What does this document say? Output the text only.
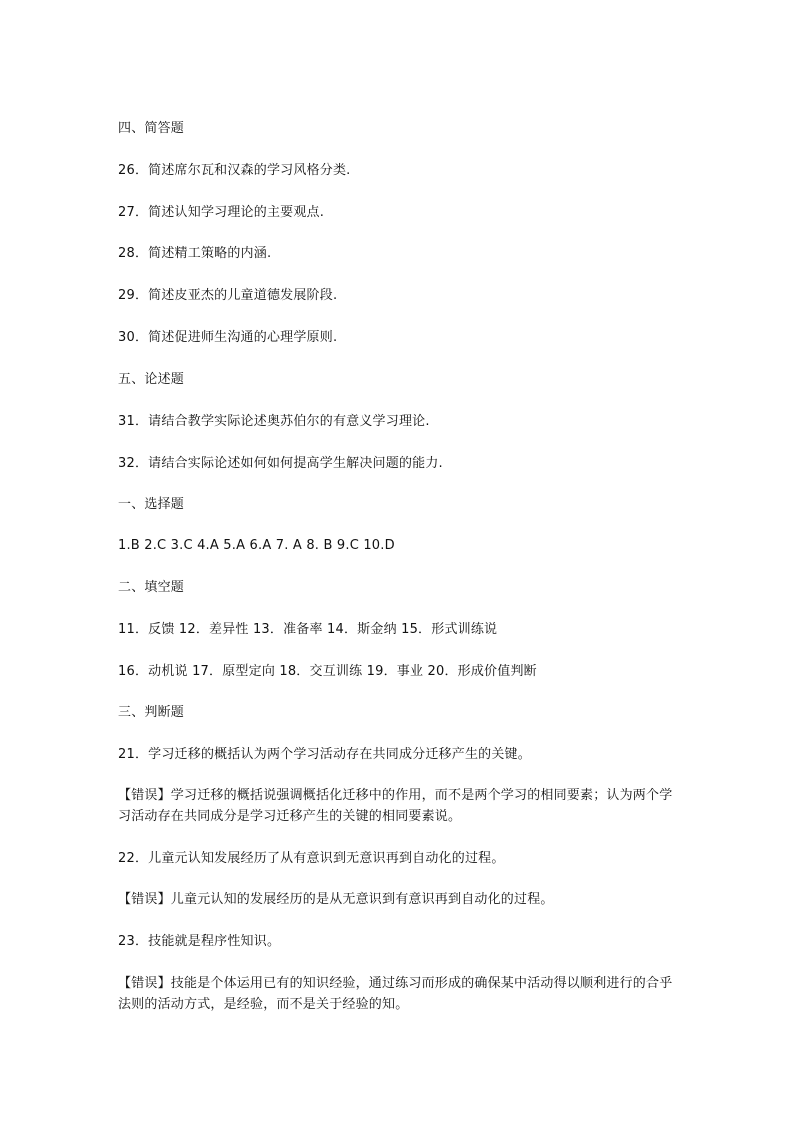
四、简答题
26．简述席尔瓦和汉森的学习风格分类.
27．简述认知学习理论的主要观点.
28．简述精工策略的内涵.
29．简述皮亚杰的儿童道德发展阶段.
30．简述促进师生沟通的心理学原则.
五、论述题
31．请结合教学实际论述奥苏伯尔的有意义学习理论.
32．请结合实际论述如何如何提高学生解决问题的能力.
一、选择题
1.B 2.C 3.C 4.A 5.A 6.A 7. A 8. B 9.C 10.D
二、填空题
11．反馈 12．差异性 13．准备率 14．斯金纳 15．形式训练说
16．动机说 17．原型定向 18．交互训练 19．事业 20．形成价值判断
三、判断题
21．学习迁移的概括认为两个学习活动存在共同成分迁移产生的关键。
【错误】学习迁移的概括说强调概括化迁移中的作用，而不是两个学习的相同要素；认为两个学习活动存在共同成分是学习迁移产生的关键的相同要素说。
22．儿童元认知发展经历了从有意识到无意识再到自动化的过程。
【错误】儿童元认知的发展经历的是从无意识到有意识再到自动化的过程。
23．技能就是程序性知识。
【错误】技能是个体运用已有的知识经验，通过练习而形成的确保某中活动得以顺利进行的合乎法则的活动方式，是经验，而不是关于经验的知。
